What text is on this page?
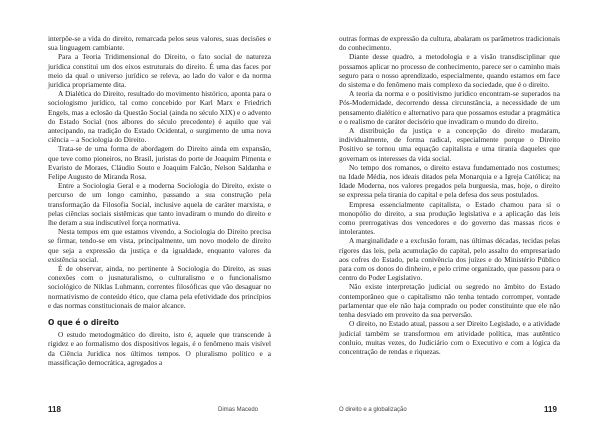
interpõe-se a vida do direito, remarcada pelos seus valores, suas decisões e sua linguagem cambiante.

Para a Teoria Tridimensional do Direito, o fato social de natureza jurídica constitui um dos eixos estruturais do direito. É uma das faces por meio da qual o universo jurídico se releva, ao lado do valor e da norma jurídica propriamente dita.

A Dialética do Direito, resultado do movimento histórico, aponta para o sociologismo jurídico, tal como concebido por Karl Marx e Friedrich Engels, mas a eclosão da Questão Social (ainda no século XIX) e o advento do Estado Social (nos albores do século precedente) é aquilo que vai antecipando, na tradição do Estado Ocidental, o surgimento de uma nova ciência – a Sociologia do Direito.

Trata-se de uma forma de abordagem do Direito ainda em expansão, que teve como pioneiros, no Brasil, juristas do porte de Joaquim Pimenta e Evaristo de Moraes, Cláudio Souto e Joaquim Falcão, Nelson Saldanha e Felipe Augusto de Miranda Rosa.

Entre a Sociologia Geral e a moderna Sociologia do Direito, existe o percurso de um longo caminho, passando a sua construção pela transformação da Filosofia Social, inclusive aquela de caráter marxista, e pelas ciências sociais sistêmicas que tanto invadiram o mundo do direito e lhe deram a sua indiscutível força normativa.

Nesta tempos em que estamos vivendo, a Sociologia do Direito precisa se firmar, tendo-se em vista, principalmente, um novo modelo de direito que seja a expressão da justiça e da igualdade, enquanto valores da existência social.

É de observar, ainda, no pertinente à Sociologia do Direito, as suas conexões com o jusnaturalismo, o culturalismo e o funcionalismo sociológico de Niklas Luhmann, correntes filosóficas que vão desaguar no normativismo de conteúdo ético, que clama pela efetividade dos princípios e das normas constitucionais de maior alcance.

O que é o direito

O estudo metodogmático do direito, isto é, aquele que transcende à rigidez e ao formalismo dos dispositivos legais, é o fenômeno mais visível da Ciência Jurídica nos últimos tempos. O pluralismo político e a massificação democrática, agregados a

118	Dimas Macedo

outras formas de expressão da cultura, abalaram os parâmetros tradicionais do conhecimento.

Diante desse quadro, a metodologia e a visão transdisciplinar que possamos aplicar no processo de conhecimento, parece ser o caminho mais seguro para o nosso aprendizado, especialmente, quando estamos em face do sistema e do fenômeno mais complexo da sociedade, que é o direito.

A teoria da norma e o positivismo jurídico encontram-se superados na Pós-Modernidade, decorrendo dessa circunstância, a necessidade de um pensamento dialético e alternativo para que possamos estudar a pragmática e o realismo de caráter decisório que invadiram o mundo do direito.

A distribuição da justiça e a concepção do direito mudaram, individualmente, de forma radical, especialmente porque o Direito Positivo se tornou uma equação capitalista e uma tirania daqueles que governam os interesses da vida social.

No tempo dos romanos, o direito estava fundamentado nos costumes; na Idade Média, nos ideais ditados pela Monarquia e a Igreja Católica; na Idade Moderna, nos valores pregados pela burguesia, mas, hoje, o direito se expressa pela tirania do capital e pela defesa dos seus postulados.

Empresa essencialmente capitalista, o Estado chamou para si o monopólio do direito, a sua produção legislativa e a aplicação das leis como prerrogativas dos vencedores e do governo das massas ricos e intolerantes.

A marginalidade e a exclusão foram, nas últimas décadas, tecidas pelas rígores das leis, pela acumulação do capital, pelo assalto do empresariado aos cofres do Estado, pela conivência dos juízes e do Ministério Público para com os donos do dinheiro, e pelo crime organizado, que passou para o centro do Poder Legislativo.

Não existe interpretação judicial ou segredo no âmbito do Estado contemporâneo que o capitalismo não tenha tentado corromper, vontade parlamentar que ele não haja comprado ou poder constituinte que ele não tenha desviado em proveito da sua perversão.

O direito, no Estado atual, passou a ser Direito Legislado, e a atividade judicial também se transformou em atividade política, mas autêntico conluio, muitas vezes, do Judiciário com o Executivo e com a lógica da concentração de rendas e riquezas.

O direito e a globalização	119
